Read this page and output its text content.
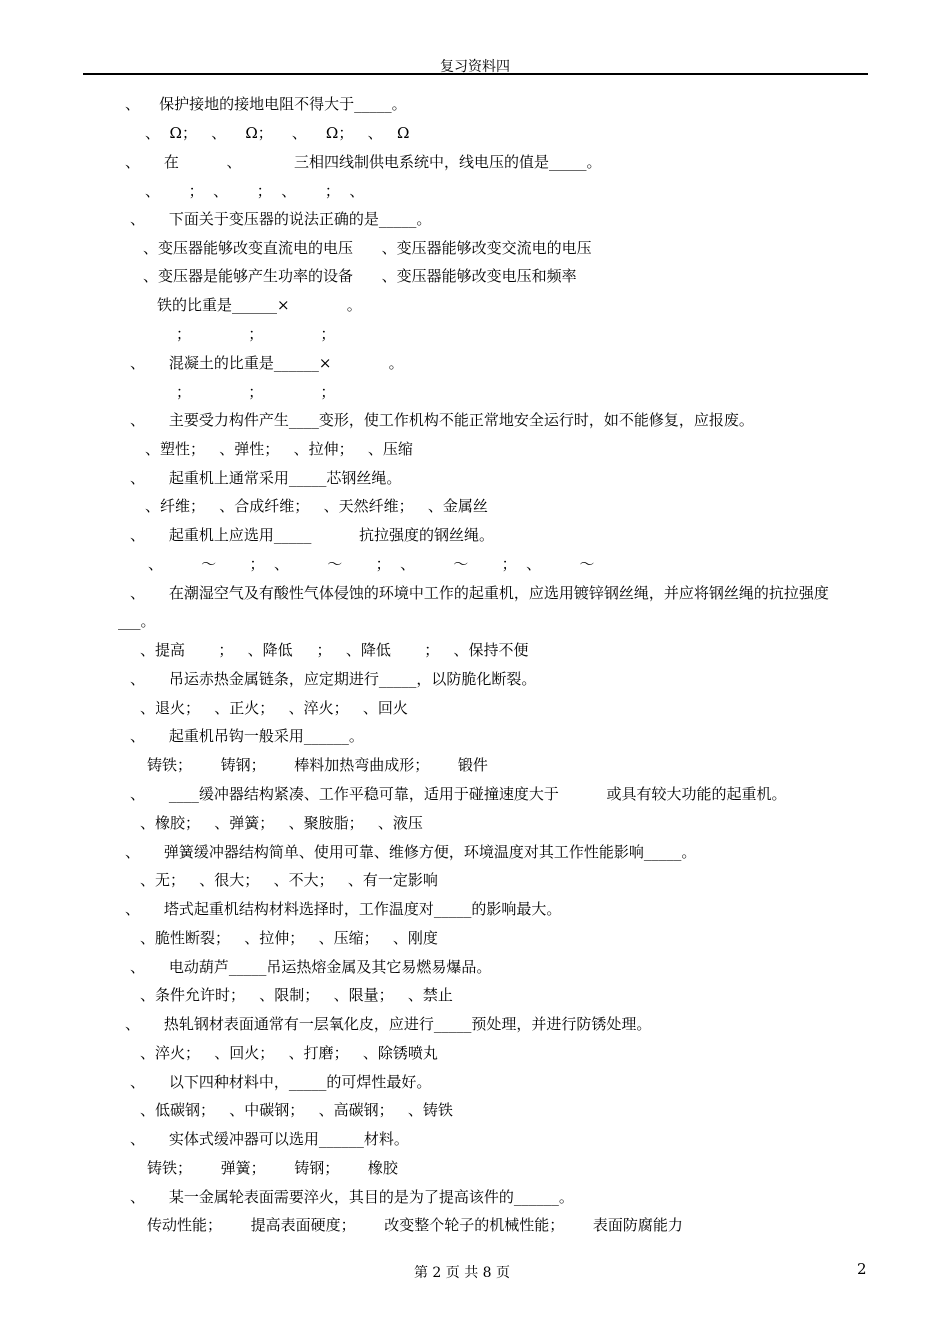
复习资料四
、    保护接地的接地电阻不得大于_____。
、  Ω；   、    Ω；    、    Ω；   、   Ω
、     在          、           三相四线制供电系统中，线电压的值是_____。
、      ；  、      ；  、      ；  、
、     下面关于变压器的说法正确的是_____。
、变压器能够改变直流电的电压      、变压器能够改变交流电的电压
、变压器是能够产生功率的设备      、变压器能够改变电压和频率
铁的比重是______×            。
；            ；            ；
、     混凝土的比重是______×            。
；            ；            ；
、     主要受力构件产生____变形，使工作机构不能正常地安全运行时，如不能修复，应报废。
、塑性；   、弹性；   、拉伸；   、压缩
、     起重机上通常采用_____芯钢丝绳。
、纤维；   、合成纤维；   、天然纤维；   、金属丝
、     起重机上应选用_____          抗拉强度的钢丝绳。
、        ～       ；  、        ～       ；  、        ～       ；  、        ～
、     在潮湿空气及有酸性气体侵蚀的环境中工作的起重机，应选用镀锌钢丝绳，并应将钢丝绳的抗拉强度
___。
、提高       ；   、降低     ；   、降低       ；   、保持不便
、     吊运赤热金属链条，应定期进行_____，以防脆化断裂。
、退火；   、正火；   、淬火；   、回火
、     起重机吊钩一般采用______。
铸铁；      铸钢；      棒料加热弯曲成形；      锻件
、     ____缓冲器结构紧凑、工作平稳可靠，适用于碰撞速度大于          或具有较大功能的起重机。
、橡胶；   、弹簧；   、聚胺脂；   、液压
、     弹簧缓冲器结构简单、使用可靠、维修方便，环境温度对其工作性能影响_____。
、无；   、很大；   、不大；   、有一定影响
、     塔式起重机结构材料选择时，工作温度对_____的影响最大。
、脆性断裂；   、拉伸；   、压缩；   、刚度
、     电动葫芦_____吊运热熔金属及其它易燃易爆品。
、条件允许时；   、限制；   、限量；   、禁止
、     热轧钢材表面通常有一层氧化皮，应进行_____预处理，并进行防锈处理。
、淬火；   、回火；   、打磨；   、除锈喷丸
、     以下四种材料中，_____的可焊性最好。
、低碳钢；   、中碳钢；   、高碳钢；   、铸铁
、     实体式缓冲器可以选用______材料。
铸铁；      弹簧；      铸钢；      橡胶
、     某一金属轮表面需要淬火，其目的是为了提高该件的______。
传动性能；      提高表面硬度；      改变整个轮子的机械性能；      表面防腐能力
第 2 页 共 8 页	2
